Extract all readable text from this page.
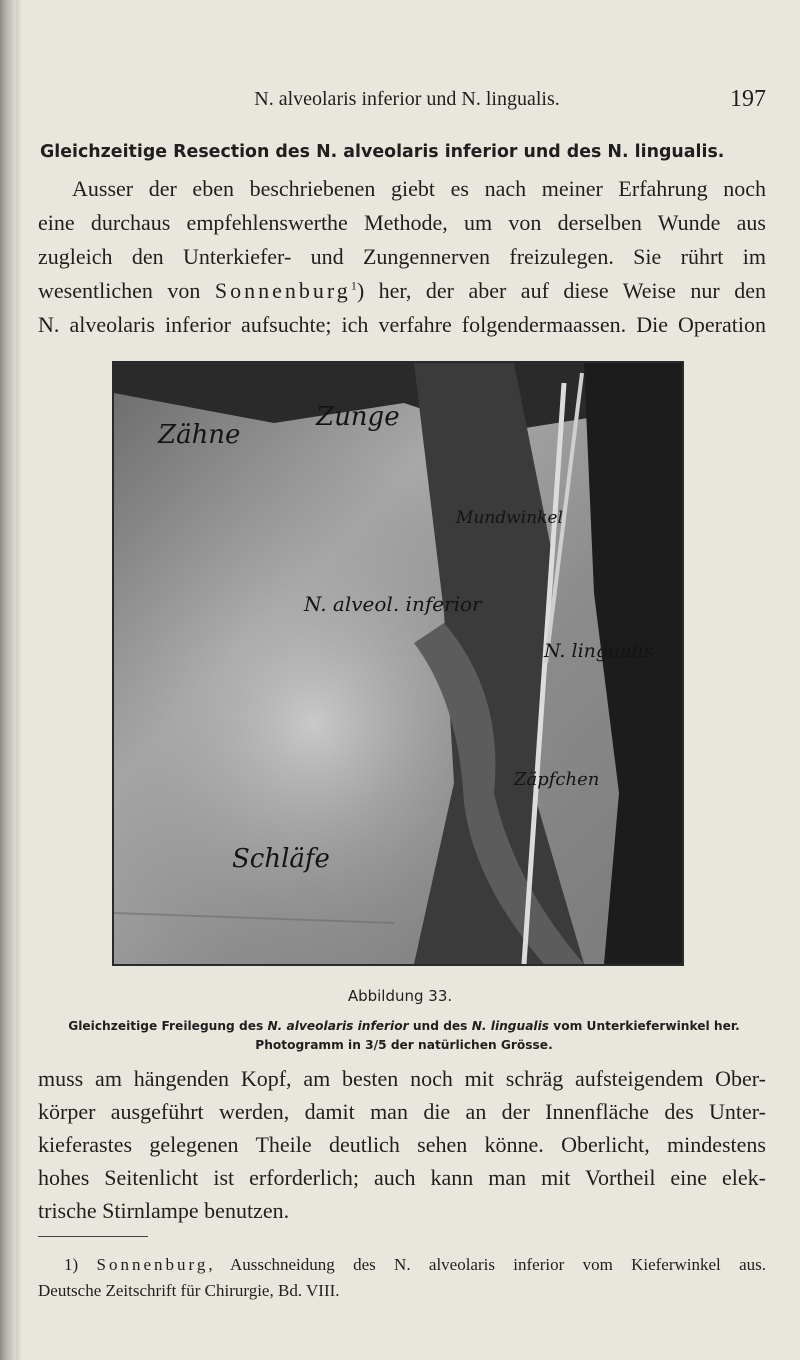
N. alveolaris inferior und N. lingualis.	197
Gleichzeitige Resection des N. alveolaris inferior und des N. lingualis.
Ausser der eben beschriebenen giebt es nach meiner Erfahrung noch
eine durchaus empfehlenswerthe Methode, um von derselben Wunde aus
zugleich den Unterkiefer- und Zungennerven freizulegen. Sie rührt im
wesentlichen von Sonnenburg$^1$) her, der aber auf diese Weise nur den
N. alveolaris inferior aufsuchte; ich verfahre folgendermaassen. Die Operation
Zähne
Zunge
Mundwinkel
N. alveol. inferior
N. lingualis
Zäpfchen
Schläfe
Abbildung 33.
Gleichzeitige Freilegung des N. alveolaris inferior und des N. lingualis vom Unterkieferwinkel her.
Photogramm in 3/5 der natürlichen Grösse.
muss am hängenden Kopf, am besten noch mit schräg aufsteigendem Ober-
körper ausgeführt werden, damit man die an der Innenfläche des Unter-
kieferastes gelegenen Theile deutlich sehen könne. Oberlicht, mindestens
hohes Seitenlicht ist erforderlich; auch kann man mit Vortheil eine elek-
trische Stirnlampe benutzen.
1) Sonnenburg, Ausschneidung des N. alveolaris inferior vom Kieferwinkel aus.
Deutsche Zeitschrift für Chirurgie, Bd. VIII.
